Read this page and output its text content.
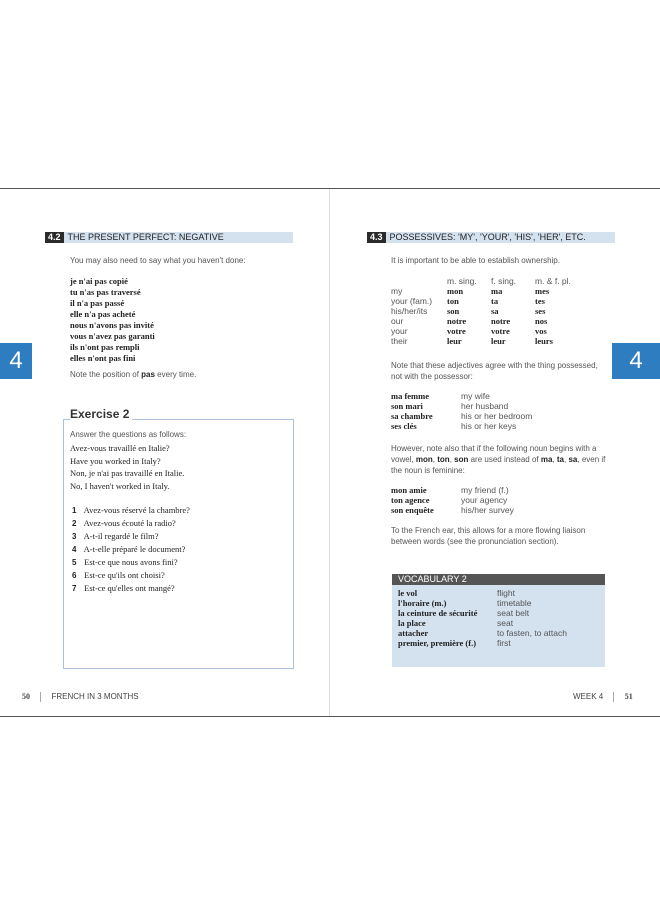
4.2 THE PRESENT PERFECT: NEGATIVE
You may also need to say what you haven't done:
je n'ai pas copié
tu n'as pas traversé
il n'a pas passé
elle n'a pas acheté
nous n'avons pas invité
vous n'avez pas garanti
ils n'ont pas rempli
elles n'ont pas fini
Note the position of pas every time.
4
Exercise 2
Answer the questions as follows:
Avez-vous travaillé en Italie?
Have you worked in Italy?
Non, je n'ai pas travaillé en Italie.
No, I haven't worked in Italy.
1 Avez-vous réservé la chambre?
2 Avez-vous écouté la radio?
3 A-t-il regardé le film?
4 A-t-elle préparé le document?
5 Est-ce que nous avons fini?
6 Est-ce qu'ils ont choisi?
7 Est-ce qu'elles ont mangé?
50	FRENCH IN 3 MONTHS
4.3 POSSESSIVES: 'MY', 'YOUR', 'HIS', 'HER', ETC.
It is important to be able to establish ownership.
	m. sing.	f. sing.	m. & f. pl.
my	mon	ma	mes
your (fam.)	ton	ta	tes
his/her/its	son	sa	ses
our	notre	notre	nos
your	votre	votre	vos
their	leur	leur	leurs
Note that these adjectives agree with the thing possessed, not with the possessor:
ma femme	my wife
son mari	her husband
sa chambre	his or her bedroom
ses clés	his or her keys
However, note also that if the following noun begins with a vowel, mon, ton, son are used instead of ma, ta, sa, even if the noun is feminine:
mon amie	my friend (f.)
ton agence	your agency
son enquête	his/her survey
To the French ear, this allows for a more flowing liaison between words (see the pronunciation section).
VOCABULARY 2
le vol	flight
l'horaire (m.)	timetable
la ceinture de sécurité	seat belt
la place	seat
attacher	to fasten, to attach
premier, première (f.)	first
4
WEEK 4	51
